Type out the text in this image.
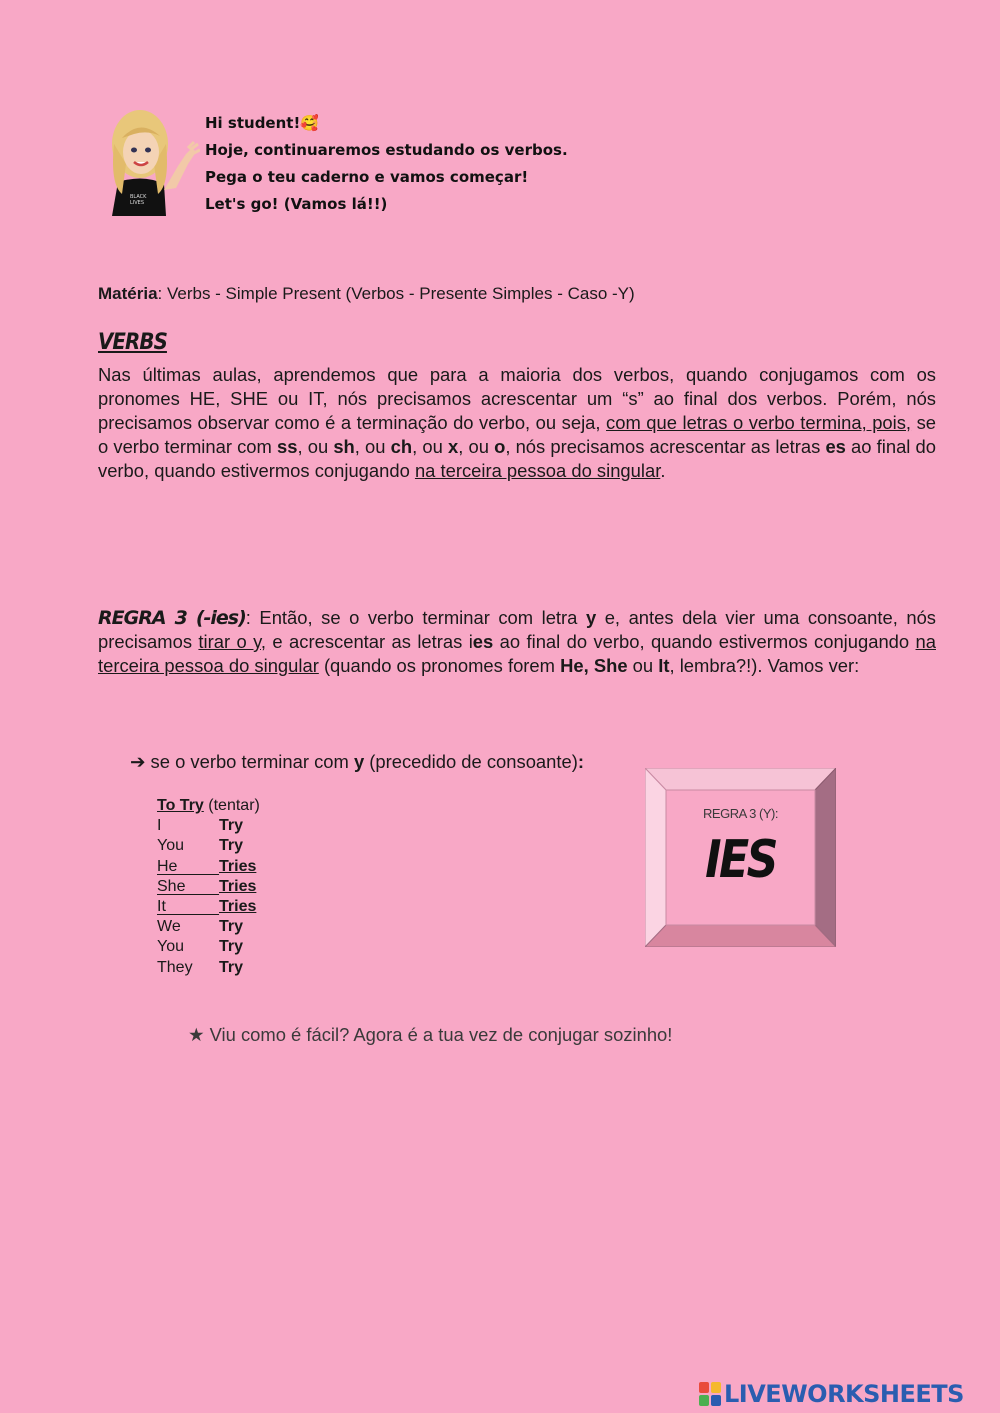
BLACK
LIVES
Hi student!🥰
Hoje, continuaremos estudando os verbos.
Pega o teu caderno e vamos começar!
Let's go! (Vamos lá!!)
Matéria: Verbs - Simple Present (Verbos - Presente Simples - Caso -Y)
VERBS
Nas últimas aulas, aprendemos que para a maioria dos verbos, quando conjugamos com os pronomes HE, SHE ou IT, nós precisamos acrescentar um “s” ao final dos verbos. Porém, nós precisamos observar como é a terminação do verbo, ou seja, com que letras o verbo termina, pois, se o verbo terminar com ss, ou sh, ou ch, ou x, ou o, nós precisamos acrescentar as letras es ao final do verbo, quando estivermos conjugando na terceira pessoa do singular.
REGRA 3 (-ies): Então, se o verbo terminar com letra y e, antes dela vier uma consoante, nós precisamos tirar o y, e acrescentar as letras ies ao final do verbo, quando estivermos conjugando na terceira pessoa do singular (quando os pronomes forem He, She ou It, lembra?!). Vamos ver:
➔ se o verbo terminar com y (precedido de consoante):
To Try (tentar)
I	Try
You	Try
He	Tries
She	Tries
It	Tries
We	Try
You	Try
They	Try
REGRA 3 (Y):
IES
★ Viu como é fácil? Agora é a tua vez de conjugar sozinho!
LIVEWORKSHEETS
